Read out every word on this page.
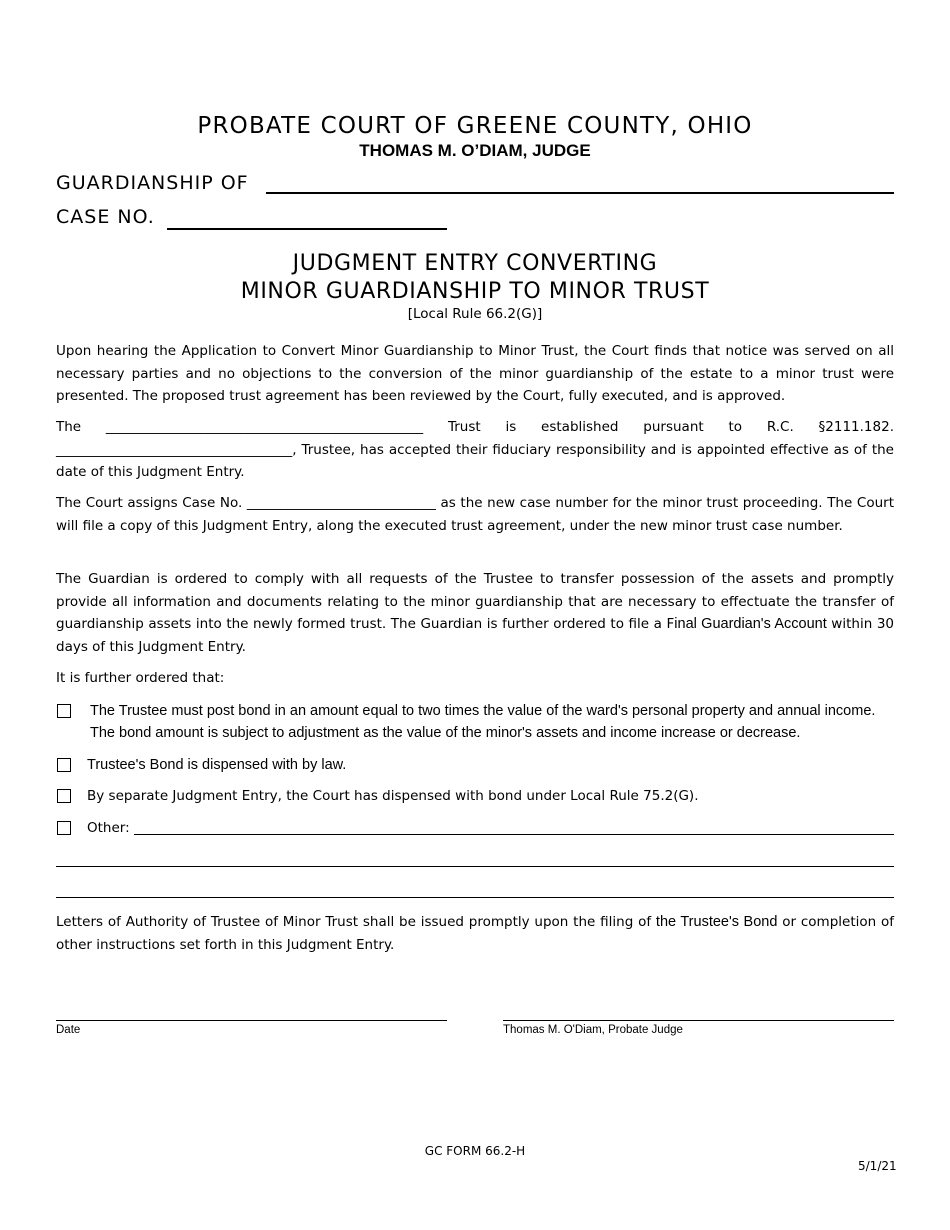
PROBATE COURT OF GREENE COUNTY, OHIO
THOMAS M. O’DIAM, JUDGE
GUARDIANSHIP OF
CASE NO.
JUDGMENT ENTRY CONVERTING
MINOR GUARDIANSHIP TO MINOR TRUST
[Local Rule 66.2(G)]

Upon hearing the Application to Convert Minor Guardianship to Minor Trust, the Court finds that notice was served on all necessary parties and no objections to the conversion of the minor guardianship of the estate to a minor trust were presented. The proposed trust agreement has been reviewed by the Court, fully executed, and is approved.

The _______________________________________________ Trust is established pursuant to R.C. §2111.182. ___________________________________, Trustee, has accepted their fiduciary responsibility and is appointed effective as of the date of this Judgment Entry.

The Court assigns Case No. ____________________________ as the new case number for the minor trust proceeding. The Court will file a copy of this Judgment Entry, along the executed trust agreement, under the new minor trust case number.

The Guardian is ordered to comply with all requests of the Trustee to transfer possession of the assets and promptly provide all information and documents relating to the minor guardianship that are necessary to effectuate the transfer of guardianship assets into the newly formed trust. The Guardian is further ordered to file a Final Guardian's Account within 30 days of this Judgment Entry.

It is further ordered that:

The Trustee must post bond in an amount equal to two times the value of the ward's personal property and annual income. The bond amount is subject to adjustment as the value of the minor's assets and income increase or decrease.
Trustee's Bond is dispensed with by law.
By separate Judgment Entry, the Court has dispensed with bond under Local Rule 75.2(G).
Other:

Letters of Authority of Trustee of Minor Trust shall be issued promptly upon the filing of the Trustee's Bond or completion of other instructions set forth in this Judgment Entry.

Date	Thomas M. O'Diam, Probate Judge
GC FORM 66.2-H
5/1/21
